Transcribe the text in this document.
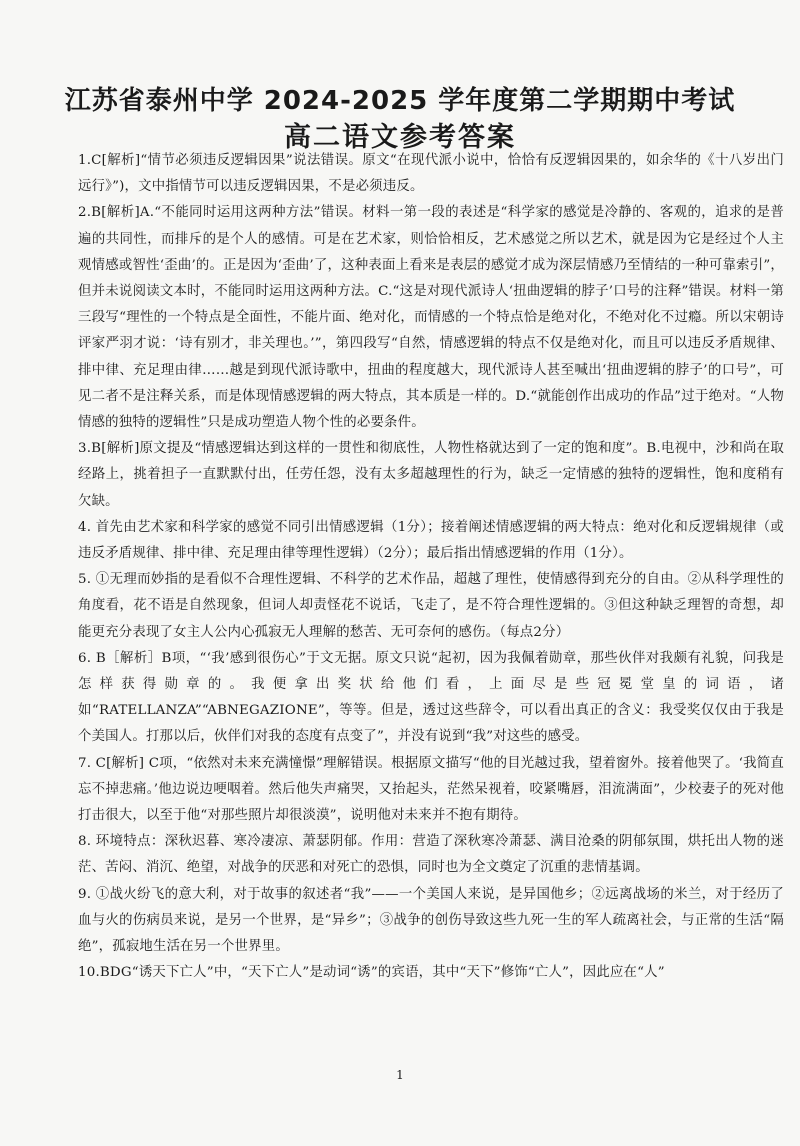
江苏省泰州中学 2024-2025 学年度第二学期期中考试
高二语文参考答案

1.C[解析]“情节必须违反逻辑因果”说法错误。原文“在现代派小说中，恰恰有反逻辑因果的，如余华的《十八岁出门远行》”)，文中指情节可以违反逻辑因果，不是必须违反。

2.B[解析]A.“不能同时运用这两种方法”错误。材料一第一段的表述是“科学家的感觉是冷静的、客观的，追求的是普遍的共同性，而排斥的是个人的感情。可是在艺术家，则恰恰相反，艺术感觉之所以艺术，就是因为它是经过个人主观情感或智性‘歪曲’的。正是因为‘歪曲’了，这种表面上看来是表层的感觉才成为深层情感乃至情结的一种可靠索引”，但并未说阅读文本时，不能同时运用这两种方法。C.“这是对现代派诗人‘扭曲逻辑的脖子’口号的注释”错误。材料一第三段写“理性的一个特点是全面性，不能片面、绝对化，而情感的一个特点恰是绝对化，不绝对化不过瘾。所以宋朝诗评家严羽才说：‘诗有别才，非关理也。’”，第四段写“自然，情感逻辑的特点不仅是绝对化，而且可以违反矛盾规律、排中律、充足理由律……越是到现代派诗歌中，扭曲的程度越大，现代派诗人甚至喊出‘扭曲逻辑的脖子’的口号”，可见二者不是注释关系，而是体现情感逻辑的两大特点，其本质是一样的。D.“就能创作出成功的作品”过于绝对。“人物情感的独特的逻辑性”只是成功塑造人物个性的必要条件。

3.B[解析]原文提及“情感逻辑达到这样的一贯性和彻底性，人物性格就达到了一定的饱和度”。B.电视中，沙和尚在取经路上，挑着担子一直默默付出，任劳任怨，没有太多超越理性的行为，缺乏一定情感的独特的逻辑性，饱和度稍有欠缺。

4. 首先由艺术家和科学家的感觉不同引出情感逻辑（1分）；接着阐述情感逻辑的两大特点：绝对化和反逻辑规律（或违反矛盾规律、排中律、充足理由律等理性逻辑）（2分）；最后指出情感逻辑的作用（1分）。

5. ①无理而妙指的是看似不合理性逻辑、不科学的艺术作品，超越了理性，使情感得到充分的自由。②从科学理性的角度看，花不语是自然现象，但词人却责怪花不说话，飞走了，是不符合理性逻辑的。③但这种缺乏理智的奇想，却能更充分表现了女主人公内心孤寂无人理解的愁苦、无可奈何的感伤。（每点2分）

6. B［解析］B项，“‘我’感到很伤心”于文无据。原文只说“起初，因为我佩着勋章，那些伙伴对我颇有礼貌，问我是怎样获得勋章的。我便拿出奖状给他们看，上面尽是些冠冕堂皇的词语，诸如“RATELLANZA”“ABNEGAZIONE”，等等。但是，透过这些辞令，可以看出真正的含义：我受奖仅仅由于我是个美国人。打那以后，伙伴们对我的态度有点变了”，并没有说到“我”对这些的感受。

7. C[解析] C项，“依然对未来充满憧憬”理解错误。根据原文描写“他的目光越过我，望着窗外。接着他哭了。‘我简直忘不掉悲痛。’他边说边哽咽着。然后他失声痛哭，又抬起头，茫然呆视着，咬紧嘴唇，泪流满面”，少校妻子的死对他打击很大，以至于他“对那些照片却很淡漠”，说明他对未来并不抱有期待。

8. 环境特点：深秋迟暮、寒冷凄凉、萧瑟阴郁。作用：营造了深秋寒冷萧瑟、满目沧桑的阴郁氛围，烘托出人物的迷茫、苦闷、消沉、绝望，对战争的厌恶和对死亡的恐惧，同时也为全文奠定了沉重的悲情基调。

9. ①战火纷飞的意大利，对于故事的叙述者“我”——一个美国人来说，是异国他乡；②远离战场的米兰，对于经历了血与火的伤病员来说，是另一个世界，是“异乡”；③战争的创伤导致这些九死一生的军人疏离社会，与正常的生活“隔绝”，孤寂地生活在另一个世界里。

10.BDG“诱天下亡人”中，“天下亡人”是动词“诱”的宾语，其中“天下”修饰“亡人”，因此应在“人”

1
